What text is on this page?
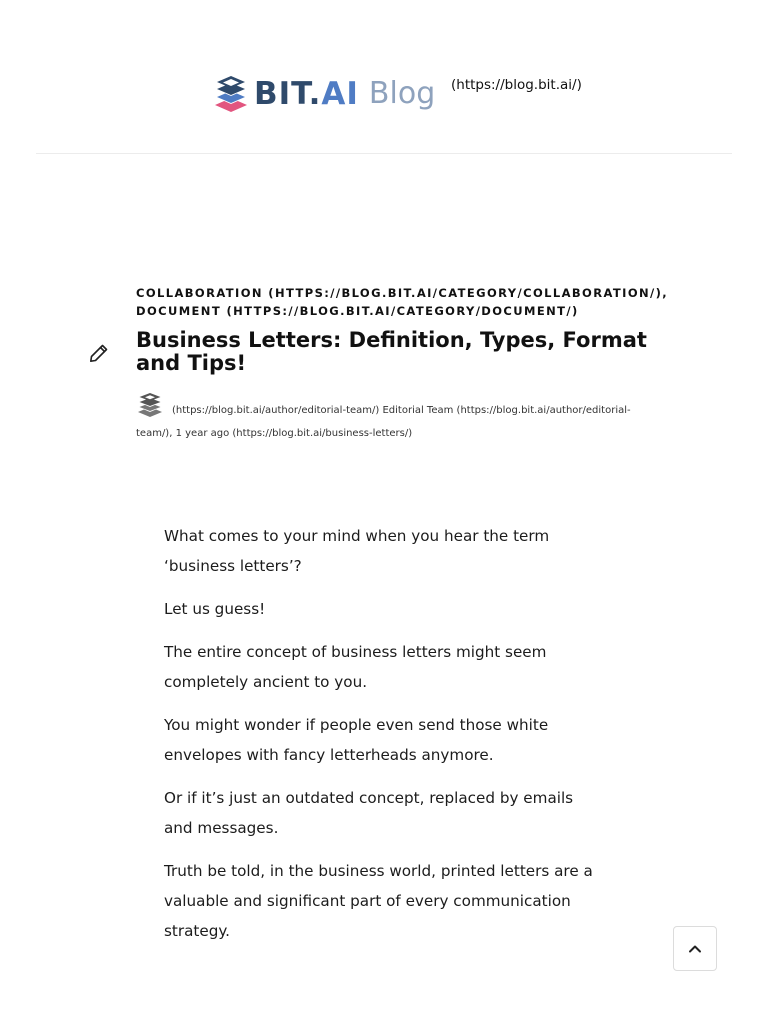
BIT. AI Blog (https://blog.bit.ai/)
COLLABORATION (HTTPS://BLOG.BIT.AI/CATEGORY/COLLABORATION/), DOCUMENT (HTTPS://BLOG.BIT.AI/CATEGORY/DOCUMENT/)
Business Letters: Definition, Types, Format and Tips!
(https://blog.bit.ai/author/editorial-team/) Editorial Team (https://blog.bit.ai/author/editorial-team/), 1 year ago (https://blog.bit.ai/business-letters/)

What comes to your mind when you hear the term ‘business letters’?

Let us guess!

The entire concept of business letters might seem completely ancient to you.

You might wonder if people even send those white envelopes with fancy letterheads anymore.

Or if it’s just an outdated concept, replaced by emails and messages.

Truth be told, in the business world, printed letters are a valuable and significant part of every communication strategy.
